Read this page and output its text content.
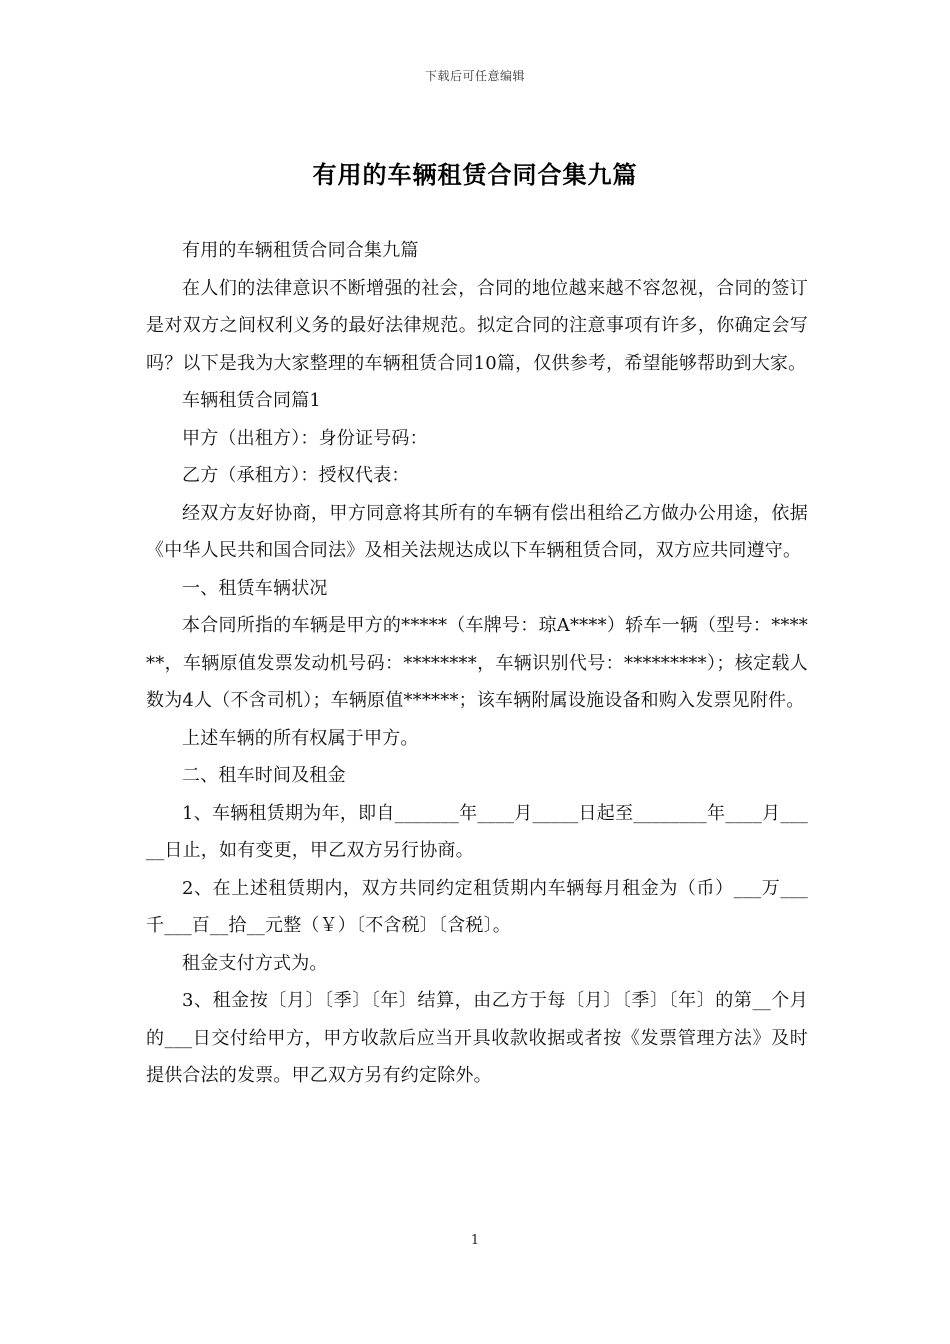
下载后可任意编辑
有用的车辆租赁合同合集九篇

有用的车辆租赁合同合集九篇

在人们的法律意识不断增强的社会，合同的地位越来越不容忽视，合同的签订是对双方之间权利义务的最好法律规范。拟定合同的注意事项有许多，你确定会写吗？以下是我为大家整理的车辆租赁合同10篇，仅供参考，希望能够帮助到大家。

车辆租赁合同篇1

甲方（出租方）：身份证号码：

乙方（承租方）：授权代表：

经双方友好协商，甲方同意将其所有的车辆有偿出租给乙方做办公用途，依据《中华人民共和国合同法》及相关法规达成以下车辆租赁合同，双方应共同遵守。

一、租赁车辆状况

本合同所指的车辆是甲方的*****（车牌号：琼A****）轿车一辆（型号：******，车辆原值发票发动机号码：********，车辆识别代号：*********）；核定载人数为4人（不含司机）；车辆原值******；该车辆附属设施设备和购入发票见附件。

上述车辆的所有权属于甲方。

二、租车时间及租金

1、车辆租赁期为年，即自_______年____月_____日起至________年____月_____日止，如有变更，甲乙双方另行协商。

2、在上述租赁期内，双方共同约定租赁期内车辆每月租金为（币）___万___千___百__拾__元整（￥）〔不含税〕〔含税〕。

租金支付方式为。

3、租金按〔月〕〔季〕〔年〕结算，由乙方于每〔月〕〔季〕〔年〕的第__个月的___日交付给甲方，甲方收款后应当开具收款收据或者按《发票管理方法》及时提供合法的发票。甲乙双方另有约定除外。

1
